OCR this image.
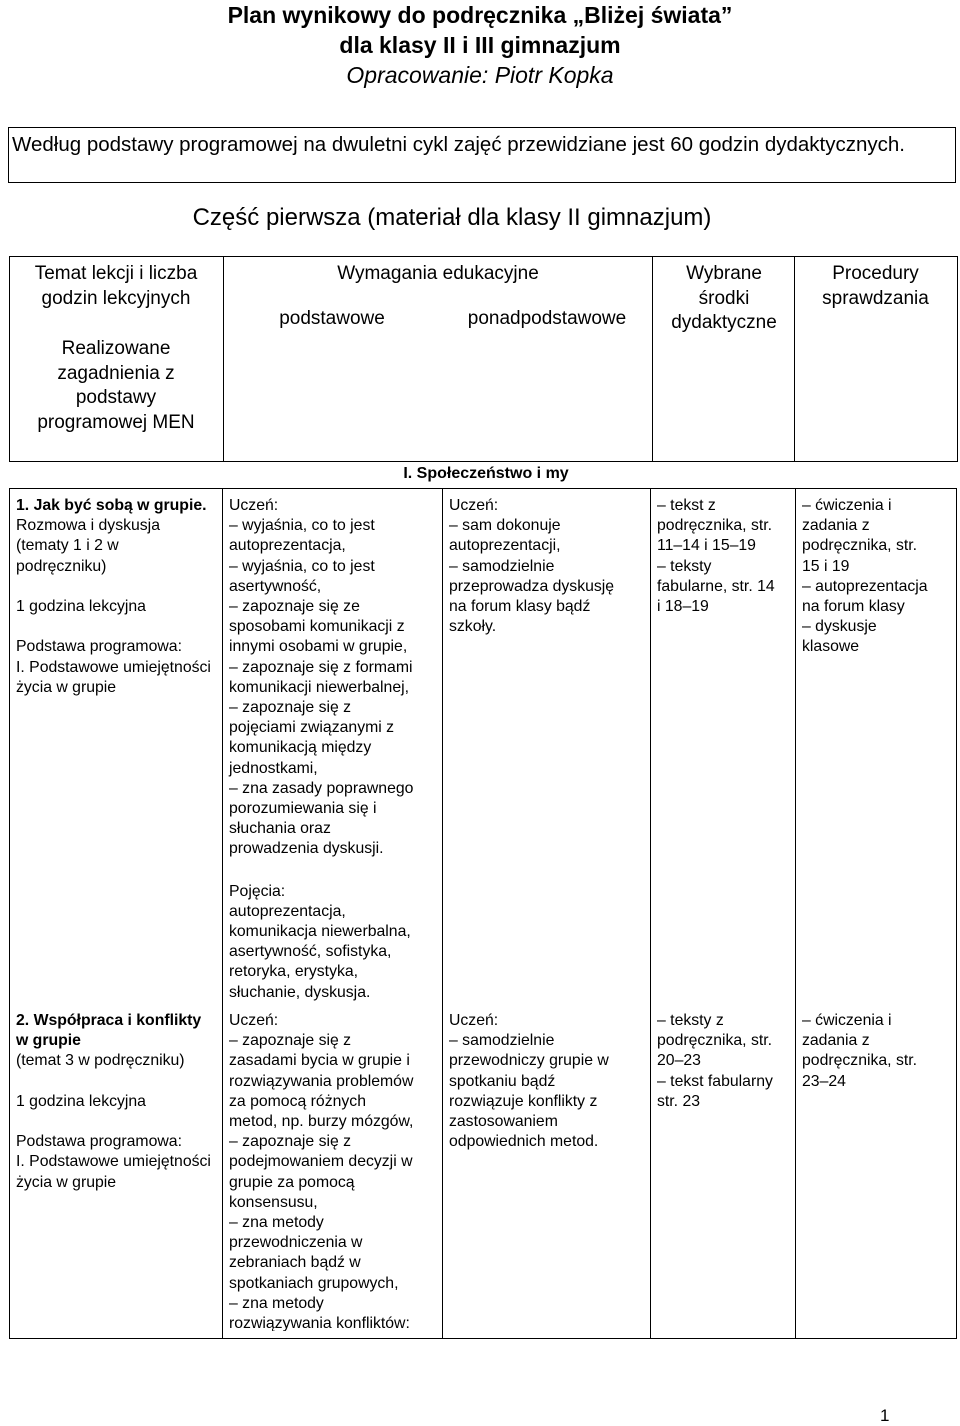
Plan wynikowy do podręcznika „Bliżej świata”
dla klasy II i III gimnazjum
Opracowanie: Piotr Kopka
Według podstawy programowej na dwuletni cykl zajęć przewidziane jest 60 godzin dydaktycznych.
Część pierwsza (materiał dla klasy II gimnazjum)
Temat lekcji i liczba godzin lekcyjnych
Realizowane zagadnienia z podstawy programowej MEN
Wymagania edukacyjne
podstawowe	ponadpodstawowe
Wybrane środki dydaktyczne
Procedury sprawdzania
I. Społeczeństwo i my
1. Jak być sobą w grupie. Rozmowa i dyskusja
(tematy 1 i 2 w podręczniku)
1 godzina lekcyjna
Podstawa programowa:
I. Podstawowe umiejętności życia w grupie
Uczeń:
– wyjaśnia, co to jest
autoprezentacja,
– wyjaśnia, co to jest
asertywność,
– zapoznaje się ze
sposobami komunikacji z
innymi osobami w grupie,
– zapoznaje się z formami
komunikacji niewerbalnej,
– zapoznaje się z
pojęciami związanymi z
komunikacją między
jednostkami,
– zna zasady poprawnego
porozumiewania się i
słuchania oraz
prowadzenia dyskusji.
Pojęcia:
autoprezentacja,
komunikacja niewerbalna,
asertywność, sofistyka,
retoryka, erystyka,
słuchanie, dyskusja.
Uczeń:
– sam dokonuje
autoprezentacji,
– samodzielnie
przeprowadza dyskusję
na forum klasy bądź
szkoły.
– tekst z
podręcznika, str.
11–14 i 15–19
– teksty
fabularne, str. 14
i 18–19
– ćwiczenia i
zadania z
podręcznika, str.
15 i 19
– autoprezentacja
na forum klasy
– dyskusje
klasowe
2. Współpraca i konflikty w grupie
(temat 3 w podręczniku)
1 godzina lekcyjna
Podstawa programowa:
I. Podstawowe umiejętności życia w grupie
Uczeń:
– zapoznaje się z
zasadami bycia w grupie i
rozwiązywania problemów
za pomocą różnych
metod, np. burzy mózgów,
– zapoznaje się z
podejmowaniem decyzji w
grupie za pomocą
konsensusu,
– zna metody
przewodniczenia w
zebraniach bądź w
spotkaniach grupowych,
– zna metody
rozwiązywania konfliktów:
Uczeń:
– samodzielnie
przewodniczy grupie w
spotkaniu bądź
rozwiązuje konflikty z
zastosowaniem
odpowiednich metod.
– teksty z
podręcznika, str.
20–23
– tekst fabularny
str. 23
– ćwiczenia i
zadania z
podręcznika, str.
23–24
1
